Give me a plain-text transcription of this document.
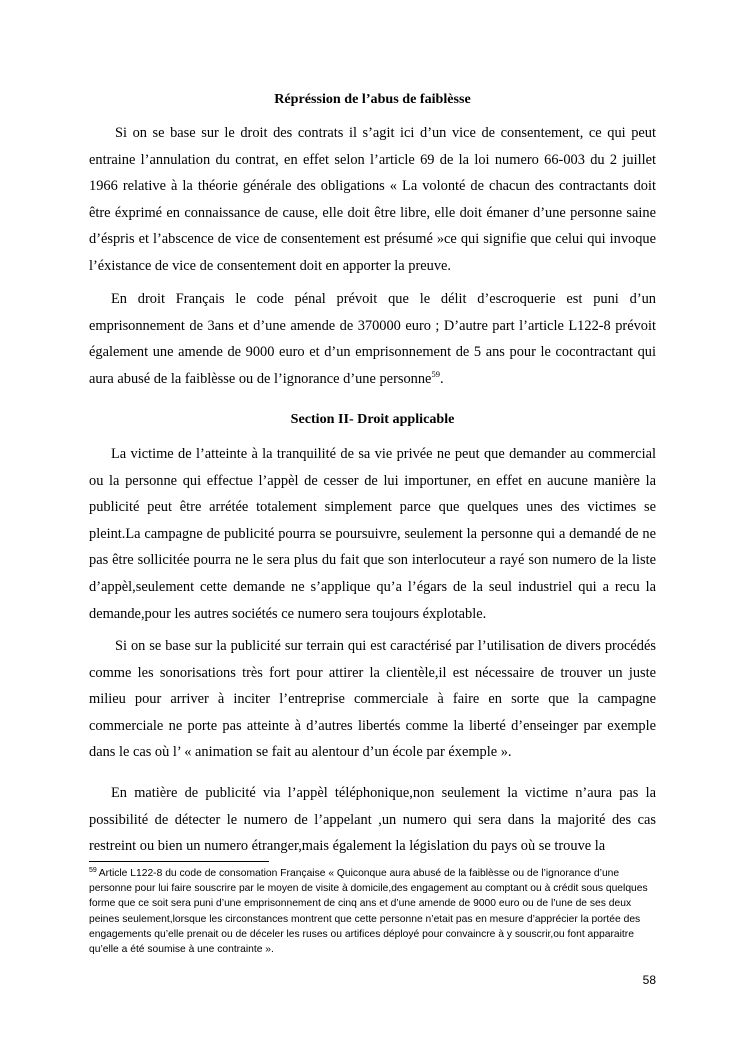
Répréssion de l’abus de faiblèsse

Si on se base sur le droit des contrats il s’agit ici d’un vice de consentement, ce qui peut entraine l’annulation du contrat, en effet selon l’article 69 de la loi numero 66-003 du 2 juillet 1966 relative à la théorie générale des obligations « La volonté de chacun des contractants doit être éxprimé en connaissance de cause, elle doit être libre, elle doit émaner d’une personne saine d’éspris et l’abscence de vice de consentement est présumé »ce qui signifie que celui qui invoque l’éxistance de vice de consentement doit en apporter la preuve.

En droit Français le code pénal prévoit que le délit d’escroquerie est puni d’un emprisonnement de 3ans et d’une amende de 370000 euro ; D’autre part l’article L122-8 prévoit également une amende de 9000 euro et d’un emprisonnement de 5 ans pour le cocontractant qui aura abusé de la faiblèsse ou de l’ignorance d’une personne$^{59}$.

Section II- Droit applicable

La victime de l’atteinte à la tranquilité de sa vie privée ne peut que demander au commercial ou la personne qui effectue l’appèl de cesser de lui importuner, en effet en aucune manière la publicité peut être arrétée totalement simplement parce que quelques unes des victimes se pleint.La campagne de publicité pourra se poursuivre, seulement la personne qui a demandé de ne pas être sollicitée pourra ne le sera plus du fait que son interlocuteur a rayé son numero de la liste d’appèl,seulement cette demande ne s’applique qu’a l’égars de la seul industriel qui a recu la demande,pour les autres sociétés ce numero sera toujours éxplotable.

Si on se base sur la publicité sur terrain qui est caractérisé par l’utilisation de divers procédés comme les sonorisations très fort pour attirer la clientèle,il est nécessaire de trouver un juste milieu pour arriver à inciter l’entreprise commerciale à faire en sorte que la campagne commerciale ne porte pas atteinte à d’autres libertés comme la liberté d’enseinger par exemple dans le cas où l’ « animation se fait au alentour d’un école par éxemple ».

En matière de publicité via l’appèl téléphonique,non seulement la victime n’aura pas la possibilité de détecter le numero de l’appelant ,un numero qui sera dans la majorité des cas restreint ou bien un numero étranger,mais également la législation du pays où se trouve la

$^{59}$ Article L122-8 du code de consomation Française « Quiconque aura abusé de la faiblèsse ou de l’ignorance d’une personne pour lui faire souscrire par le moyen de visite à domicile,des engagement au comptant ou à crédit sous quelques forme que ce soit sera puni d’une emprisonnement de cinq ans et d’une amende de 9000 euro ou de l’une de ses deux peines seulement,lorsque les circonstances montrent que cette personne n’etait pas en mesure d’apprécier la portée des engagements qu’elle prenait ou de déceler les ruses ou artifices déployé pour convaincre à y souscrir,ou font apparaitre qu’elle a été soumise à une contrainte ».

58
